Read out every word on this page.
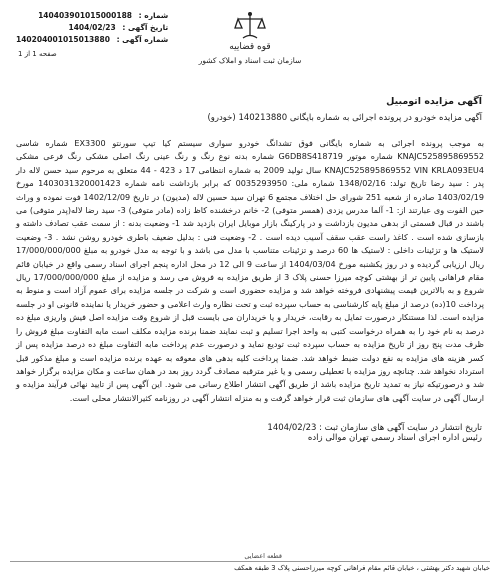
شماره : 140403901015000188
تاریخ آگهی : 1404/02/23
شماره آگهی : 140204001015013880
صفحه 1 از 1
قوه قضاییه
سازمان ثبت اسناد و املاک کشور
آگهی مزایده اتومبیل
آگهی مزایده خودرو در پرونده اجرائی به شماره بایگانی 140213880 (خودرو)
به موجب پرونده اجرائی به شماره بایگانی فوق تشدانگ خودرو سواری سیستم کیا تیپ سورنتو EX3300 شماره شاسی KNAJC525895869552 شماره موتور G6DB8S418719 شماره بدنه نوع رنگ و رنگ عینی رنگ اصلی مشکی رنگ فرعی مشکی KNAJC525895869552 VIN KRLA093EU4 سال تولید 2009 به شماره انتظامی 17 د 423 - 44 متعلق به مرحوم سید حسن لاله دار پدر : سید رضا تاریخ تولد: 1348/02/16 شماره ملی: 0035293950 که برابر بازداشت نامه شماره 1403031320001423 مورخ 1403/02/19 صادره از شعبه 251 شورای حل اختلاف مجتمع 6 تهران سید حسین لاله (مدیون) در تاریخ 1402/12/09 فوت نموده و وراث حین الفوت وی عبارتند از: 1- آلما مدرس یزدی (همسر متوفی) 2- خانم درخشنده کاظ زاده (مادر متوفی) 3- سید رضا لاله(پدر متوفی) می باشند در قبال قسمتی از بدهی مدیون بازداشت و در پارکینگ بازار موبایل ایران بازدید شد 1- وضعیت بدنه : از سمت عقب تصادف داشته و بازسازی شده است . کاغذ راست عقب سقف آسیب دیده است . 2- وضعیت فنی : بدلیل ضعیف باطری خودرو روشن نشد . 3- وضعیت لاستیک ها و تزئینات داخلی : لاستیک ها 60 درصد و تزئینات متناسب با مدل می باشد و با توجه به مدل خودرو به مبلغ 17/000/000/000 ریال ارزیابی گردیده و در روز یکشنبه مورخ 1404/03/04 از ساعت 9 الی 12 در محل اداره پنجم اجرای اسناد رسمی واقع در خیابان قائم مقام فراهانی پایین تر از بهشتی کوچه میرزا حسنی پلاک 3 از طریق مزایده به فروش می رسد و مزایده از مبلغ 17/000/000/000 ریال شروع و به بالاترین قیمت پیشنهادی فروخته خواهد شد و مزایده حضوری است و شرکت در جلسه مزایده برای عموم آزاد است و منوط به پرداخت 10(ده) درصد از مبلغ پایه کارشناسی به حساب سپرده ثبت و تحت نظاره وارث اعلامی و حضور خریدار یا نماینده قانونی او در جلسه مزایده است. لذا مستنکار درصورت تمایل به رقابت، خریدار و یا خریداران می بایست قبل از شروع وقت مزایده اصل فیش واریزی مبلغ ده درصد به نام خود را به همراه درخواست کتبی به واحد اجرا تسلیم و ثبت نمایند ضمنا برنده مزایده مکلف است مابه التفاوت مبلغ فروش را ظرف مدت پنج روز از تاریخ مزایده به حساب سپرده ثبت تودیع نماید و درصورت عدم پرداخت مابه التفاوت مبلغ ده درصد مزایده پس از کسر هزینه های مزایده به نفع دولت ضبط خواهد شد. ضمنا پرداخت کلیه بدهی های معوقه به عهده برنده مزایده است و مبلغ مذکور قبل استرداد نخواهد شد. چنانچه روز مزایده با تعطیلی رسمی و یا غیر مترقبه مصادف گردد روز بعد در همان ساعت و مکان مزایده برگزار خواهد شد و درصورتیکه نیاز به تمدید تاریخ مزایده باشد از طریق آگهی انتشار اطلاع رسانی می شود. این آگهی پس از تایید نهائی فرآیند مزایده و ارسال آگهی در سایت آگهی های سازمان ثبت قرار خواهد گرفت و به منزله انتشار آگهی در روزنامه کثیرالانتشار محلی است.
تاریخ انتشار در سایت آگهی های سازمان ثبت : 1404/02/23
رئیس اداره اجرای اسناد رسمی تهران موالی زاده
قطعه اعضایی
خیابان شهید دکتر بهشتی ، خیابان قائم مقام فراهانی کوچه میرزاحسنی پلاک 3 طبقه همکف
